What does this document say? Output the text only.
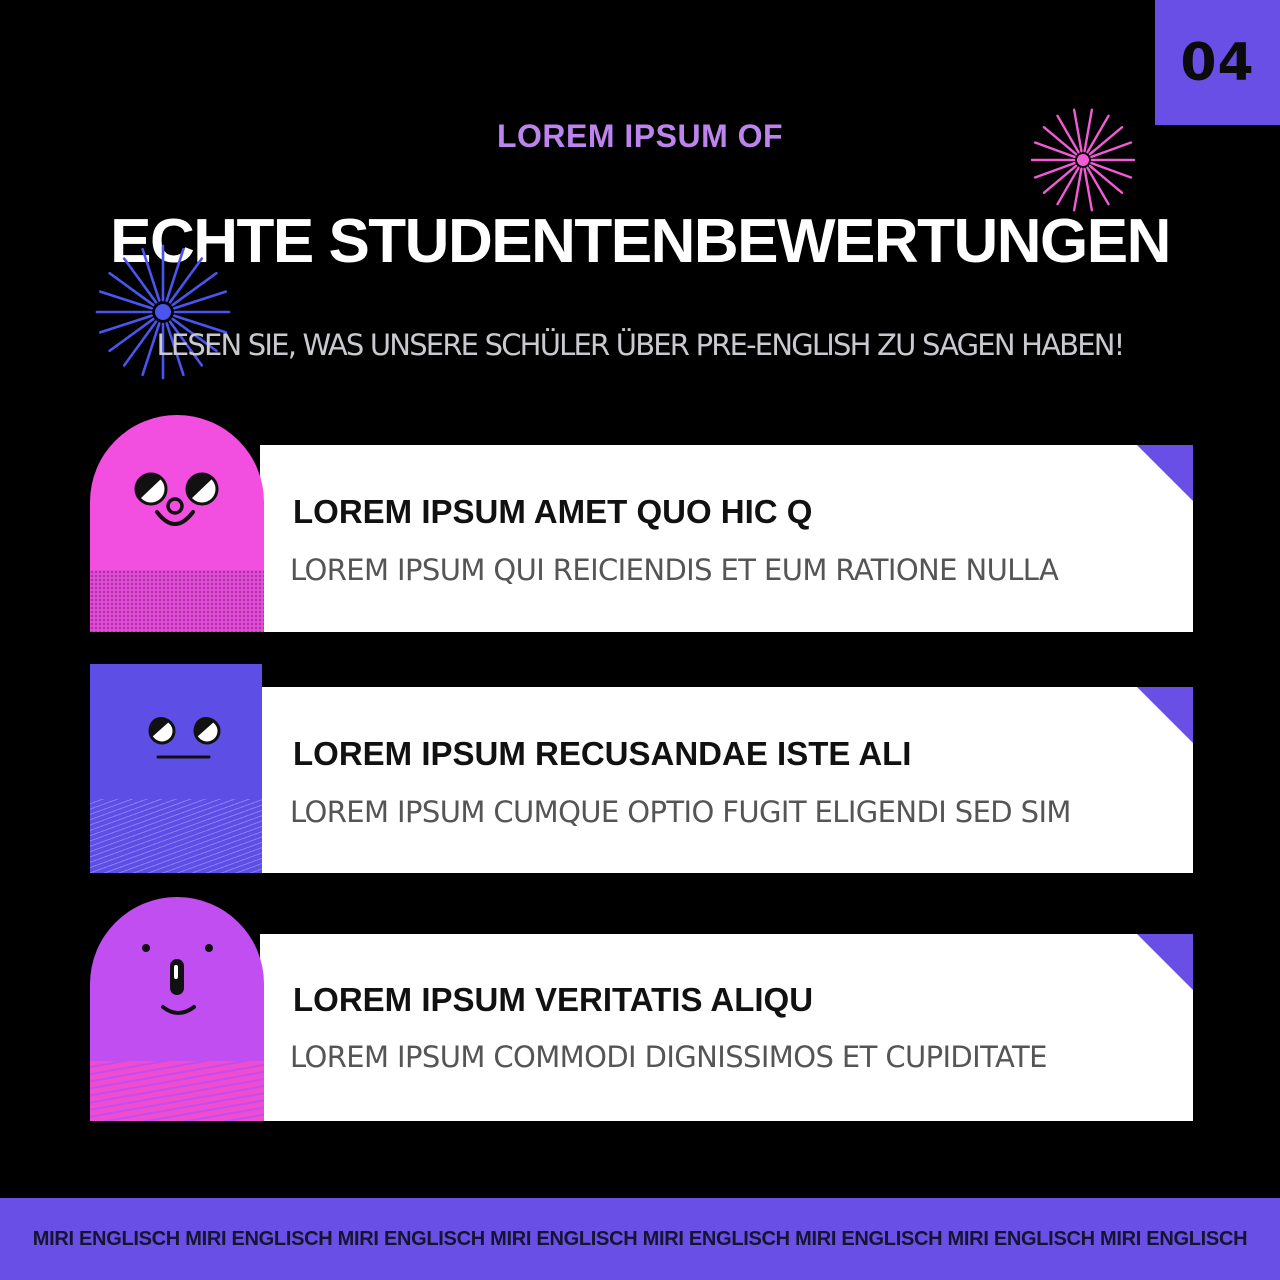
04
LOREM IPSUM OF
ECHTE STUDENTENBEWERTUNGEN
LESEN SIE, WAS UNSERE SCHÜLER ÜBER PRE-ENGLISH ZU SAGEN HABEN!
LOREM IPSUM AMET QUO HIC Q
LOREM IPSUM QUI REICIENDIS ET EUM RATIONE NULLA
LOREM IPSUM RECUSANDAE ISTE ALI
LOREM IPSUM CUMQUE OPTIO FUGIT ELIGENDI SED SIM
LOREM IPSUM VERITATIS ALIQU
LOREM IPSUM COMMODI DIGNISSIMOS ET CUPIDITATE
MIRI ENGLISCH MIRI ENGLISCH MIRI ENGLISCH MIRI ENGLISCH MIRI ENGLISCH MIRI ENGLISCH MIRI ENGLISCH MIRI ENGLISCH
